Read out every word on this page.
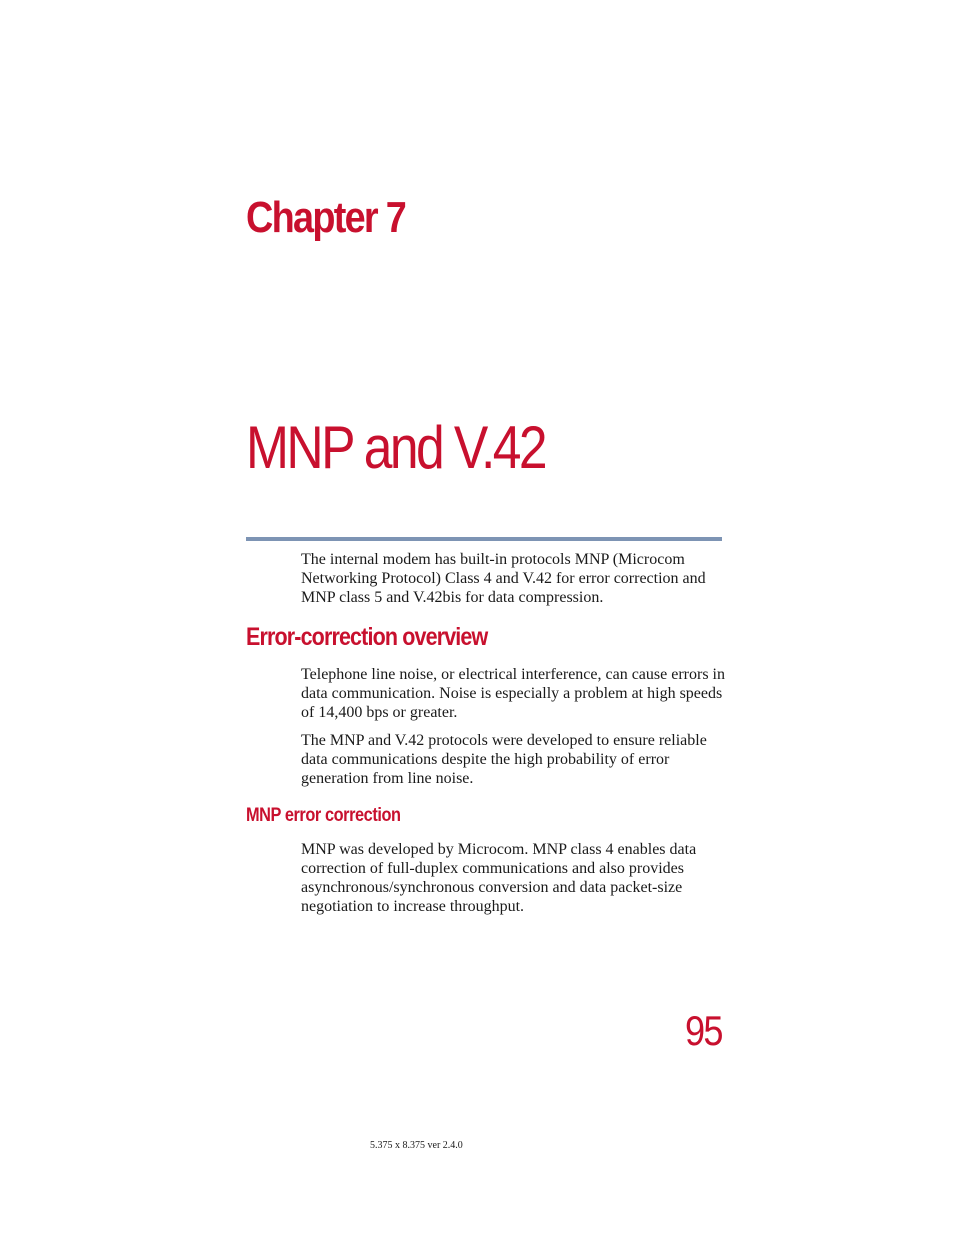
Chapter 7
MNP and V.42

The internal modem has built-in protocols MNP (Microcom Networking Protocol) Class 4 and V.42 for error correction and MNP class 5 and V.42bis for data compression.

Error-correction overview

Telephone line noise, or electrical interference, can cause errors in data communication. Noise is especially a problem at high speeds of 14,400 bps or greater.

The MNP and V.42 protocols were developed to ensure reliable data communications despite the high probability of error generation from line noise.

MNP error correction

MNP was developed by Microcom. MNP class 4 enables data correction of full-duplex communications and also provides asynchronous/synchronous conversion and data packet-size negotiation to increase throughput.

95
5.375 x 8.375 ver 2.4.0
